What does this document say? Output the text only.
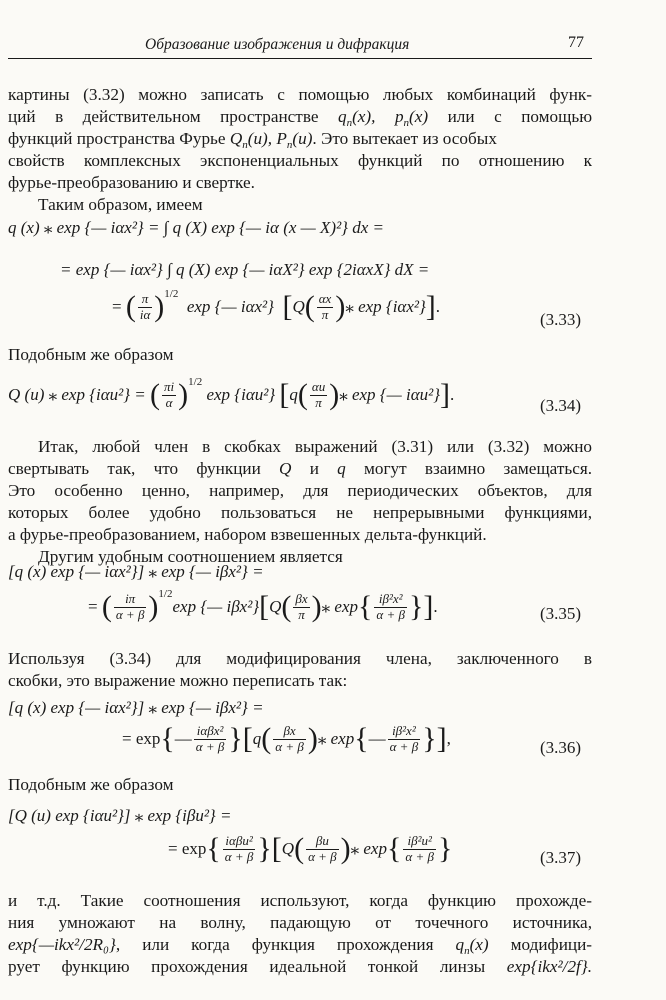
Образование изображения и дифракция	77
картины (3.32) можно записать с помощью любых комбинаций функ-
ций в действительном пространстве $q_n(x)$, $p_n(x)$ или с помощью
функций пространства Фурье $Q_n(u)$, $P_n(u)$. Это вытекает из особых
свойств комплексных экспоненциальных функций по отношению к
фурье-преобразованию и свертке.
Таким образом, имеем
q (x) ⁎ exp {— iαx²} = ∫ q (X) exp {— iα (x — X)²} dx =
= exp {— iαx²} ∫ q (X) exp {— iαX²} exp {2iαxX} dX =
= ( $\frac{\pi}{i\alpha} )^{1/2}$  exp {— iαx²} [$Q( \frac{\alpha x}{\pi}$ )⁎ exp {iαx²}].
(3.33)
Подобным же образом
Q (u) ⁎ exp {iαu²} = ( $\frac{\pi i}{\alpha} )^{1/2}$ exp {iαu²} [$q( \frac{\alpha u}{\pi}$ )⁎ exp {— iαu²}].
(3.34)
Итак, любой член в скобках выражений (3.31) или (3.32) можно
свертывать так, что функции Q и q могут взаимно замещаться.
Это особенно ценно, например, для периодических объектов, для
которых более удобно пользоваться не непрерывными функциями,
а фурье-преобразованием, набором взвешенных дельта-функций.
Другим удобным соотношением является
[q (x) exp {— iαx²}] ⁎ exp {— iβx²} =
= ( $\frac{i\pi}{\alpha + \beta} )^{1/2}\exp$ {— $i\beta x^2\}[Q( \frac{\beta x}{\pi}$ )⁎ $\exp\{ \frac{\text{iβ²x²}}{\alpha + \beta}$ }].	(3.35)
Используя (3.34) для модифицирования члена, заключенного в
скобки, это выражение можно переписать так:
[q (x) exp {— iαx²}] ⁎ exp {— iβx²} =
= exp{— $\frac{\text{iαβx²}}{\alpha + \beta} \}[q( \frac{\beta x}{\alpha + \beta}$ )⁎ exp{— $\frac{\text{iβ²x²}}{\alpha + \beta}$ }],	(3.36)
Подобным же образом
[Q (u) exp {iαu²}] ⁎ exp {iβu²} =
= $\exp\{ \frac{\text{iαβu²}}{\alpha + \beta} \}[Q( \frac{\beta u}{\alpha + \beta}$ )⁎ $\exp\{ \frac{\text{iβ²u²}}{\alpha + \beta}$ }	(3.37)
и т.д. Такие соотношения используют, когда функцию прохожде-
ния умножают на волну, падающую от точечного источника,
exp{—ikx²/2R₀}, или когда функция прохождения $q_n(x)$ модифици-
рует функцию прохождения идеальной тонкой линзы exp{ikx²/2f}.
